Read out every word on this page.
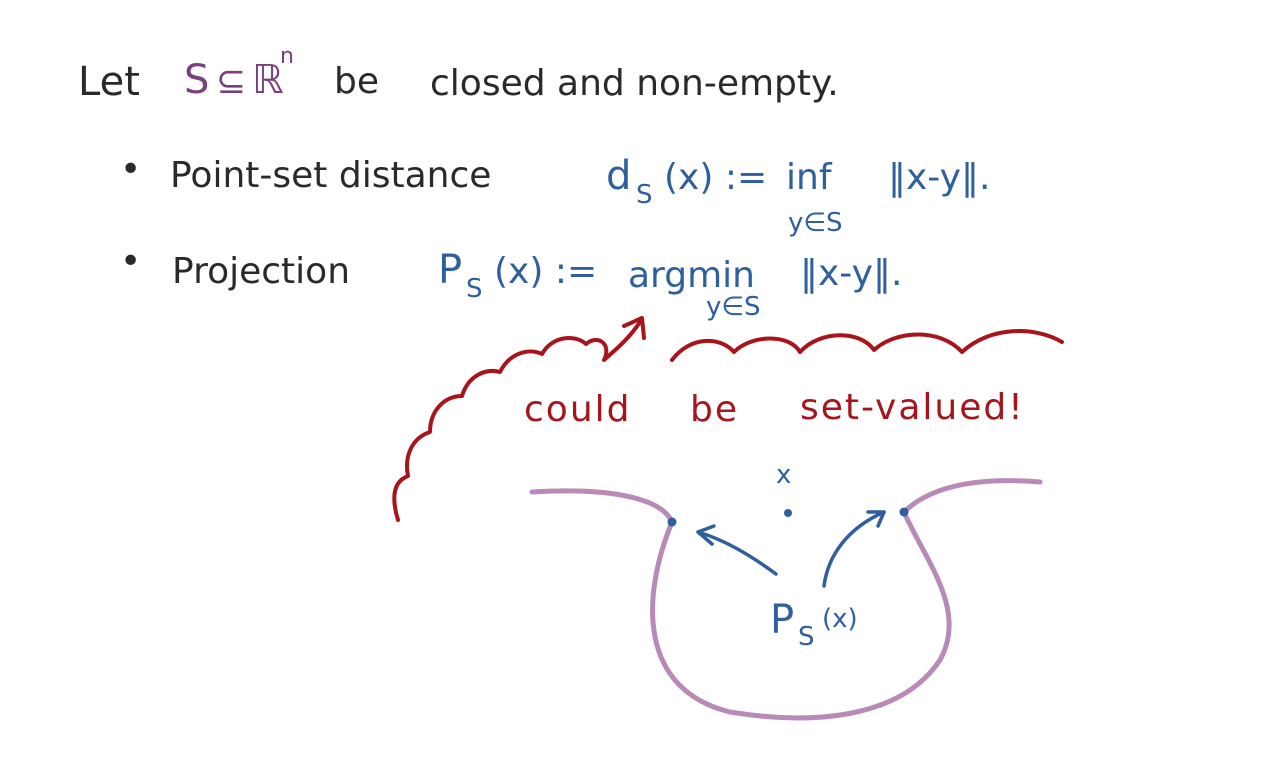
Let S ⊆ ℝ
n
be closed and non-empty.
• Point-set distance	d S (x) := inf
y∈S
‖x-y‖.
• Projection P S (x) := argmin
y∈S
‖x-y‖.
could be set-valued!
x
P S
(x)
